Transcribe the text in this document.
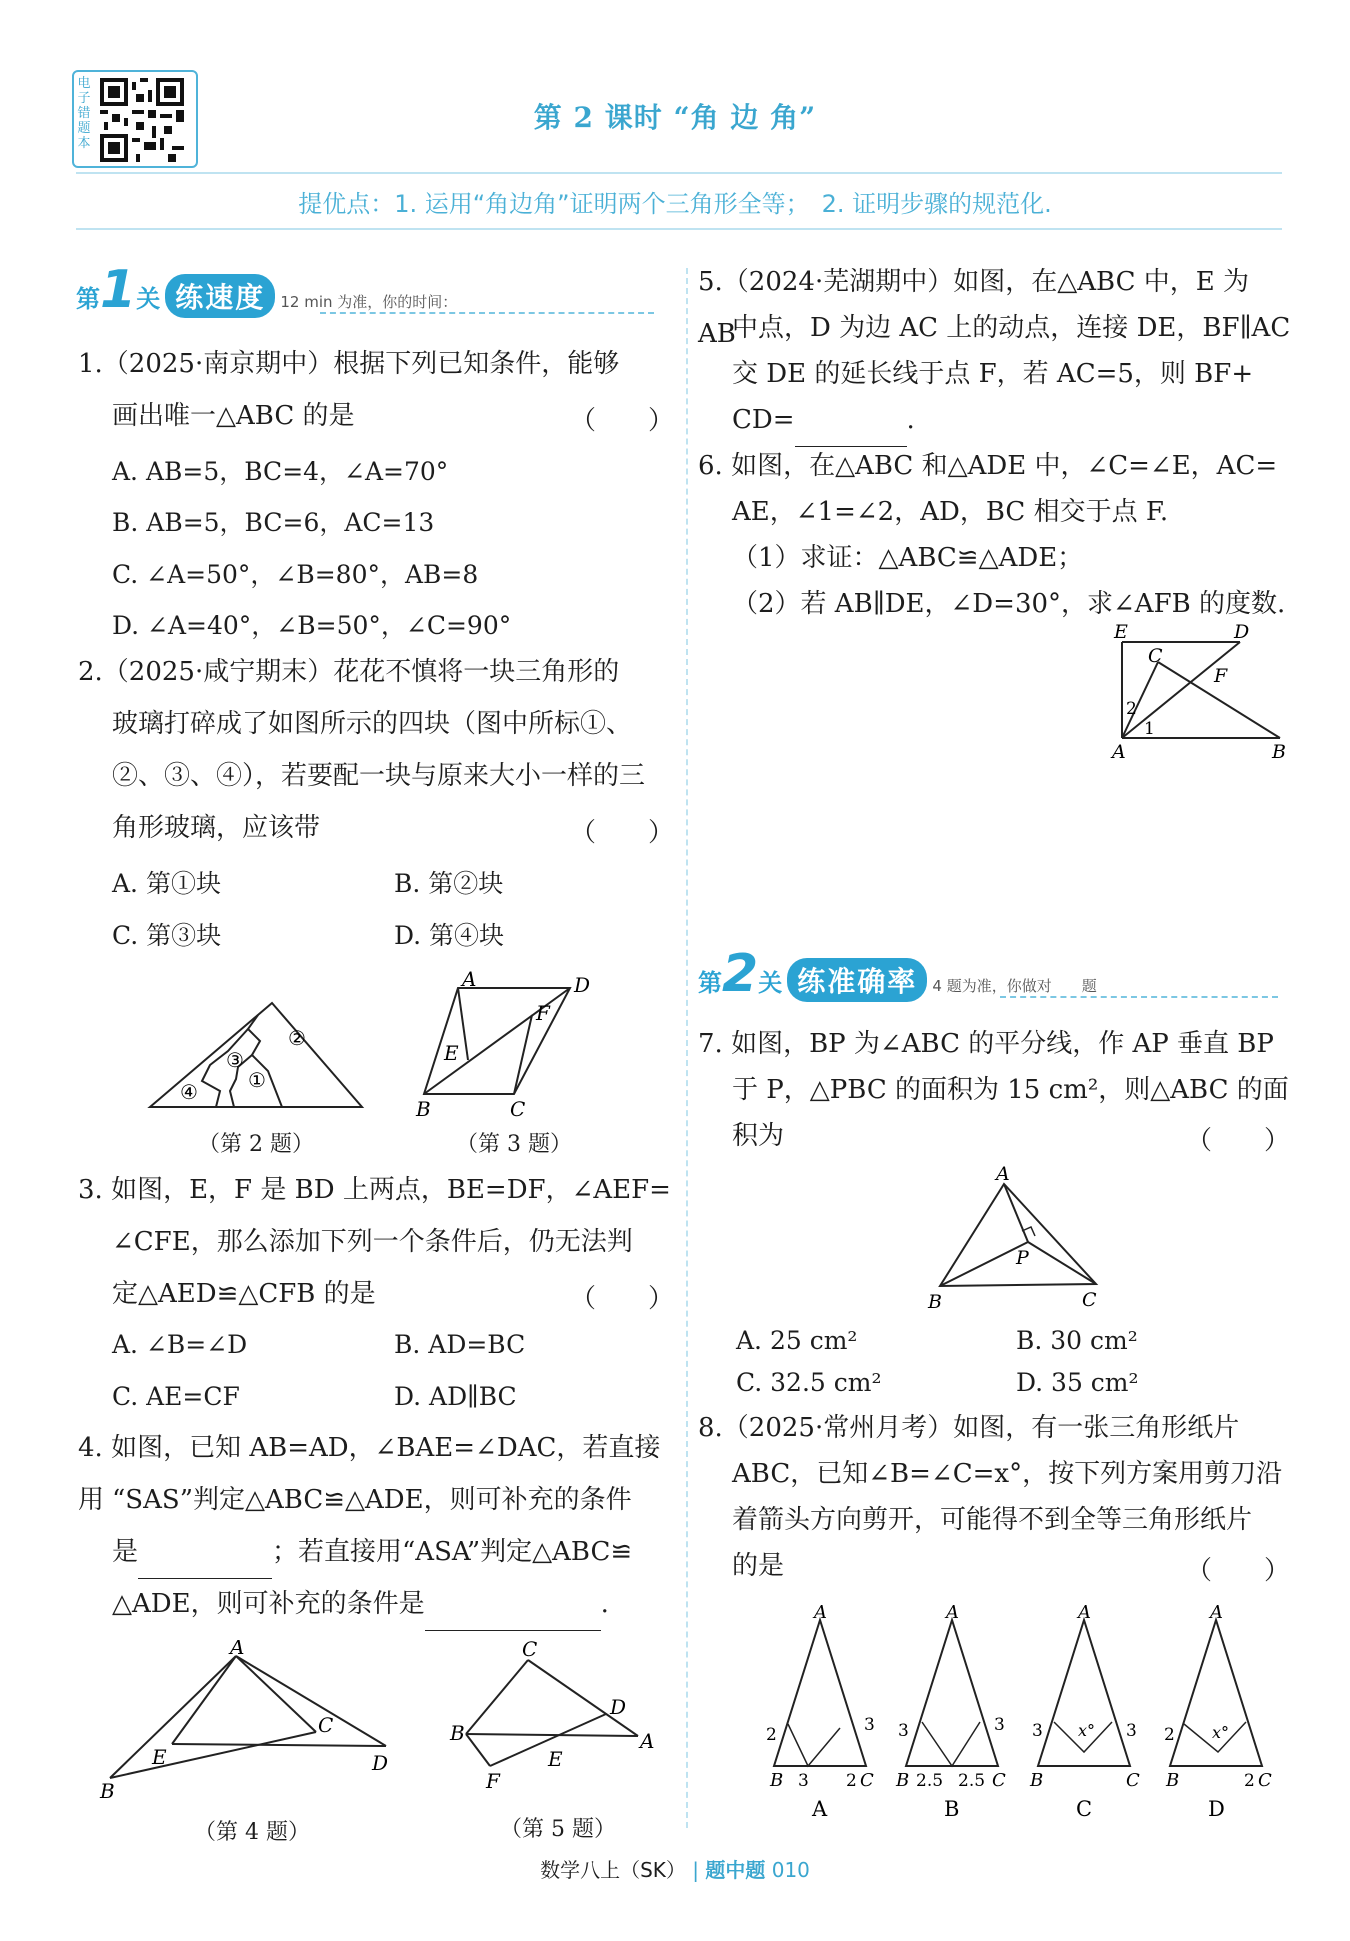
电子错题本
第 2 课时 “角 边 角”
提优点：1. 运用“角边角”证明两个三角形全等；　2. 证明步骤的规范化.
第1关 练速度 12 min 为准，你的时间：
1.（2025·南京期中）根据下列已知条件，能够
画出唯一△ABC 的是	（　　）
A. AB=5，BC=4，∠A=70°
B. AB=5，BC=6，AC=13
C. ∠A=50°，∠B=80°，AB=8
D. ∠A=40°，∠B=50°，∠C=90°
2.（2025·咸宁期末）花花不慎将一块三角形的
玻璃打碎成了如图所示的四块（图中所标①、
②、③、④），若要配一块与原来大小一样的三
角形玻璃，应该带	（　　）
A. 第①块	B. 第②块
C. 第③块	D. 第④块
①
②
③
④
（第 2 题）
A	D
E
F
B	C
（第 3 题）
3. 如图，E，F 是 BD 上两点，BE=DF，∠AEF=
∠CFE，那么添加下列一个条件后，仍无法判
定△AED≌△CFB 的是	（　　）
A. ∠B=∠D	B. AD=BC
C. AE=CF	D. AD∥BC
4. 如图，已知 AB=AD，∠BAE=∠DAC，若直接用 “SAS”判定△ABC≌△ADE，则可补充的条件
是	；若直接用“ASA”判定△ABC≌
△ADE，则可补充的条件是	.
A
E
C
D
B
（第 4 题）
C
D
B
E
A
F
（第 5 题）
5.（2024·芜湖期中）如图，在△ABC 中，E 为 AB
中点，D 为边 AC 上的动点，连接 DE，BF∥AC
交 DE 的延长线于点 F，若 AC=5，则 BF+
CD=	.
6. 如图，在△ABC 和△ADE 中，∠C=∠E，AC=
AE，∠1=∠2，AD，BC 相交于点 F.
（1）求证：△ABC≌△ADE；
（2）若 AB∥DE，∠D=30°，求∠AFB 的度数.
E	D
C
F
2
1
A	B
第2关 练准确率 4 题为准，你做对　　题
7. 如图，BP 为∠ABC 的平分线，作 AP 垂直 BP
于 P，△PBC 的面积为 15 cm²，则△ABC 的面
积为	（　　）
A
P
B	C
A. 25 cm²	B. 30 cm²
C. 32.5 cm²	D. 35 cm²
8.（2025·常州月考）如图，有一张三角形纸片
ABC，已知∠B=∠C=x°，按下列方案用剪刀沿
着箭头方向剪开，可能得不到全等三角形纸片
的是	（　　）
A
2	3
B 3 2 C
A
A
3	3
B 2.5 2.5 C
B
A
3	3
x°
B	C
C
A
2 x°
B	2 C
D
数学八上（SK） | 题中题 010
